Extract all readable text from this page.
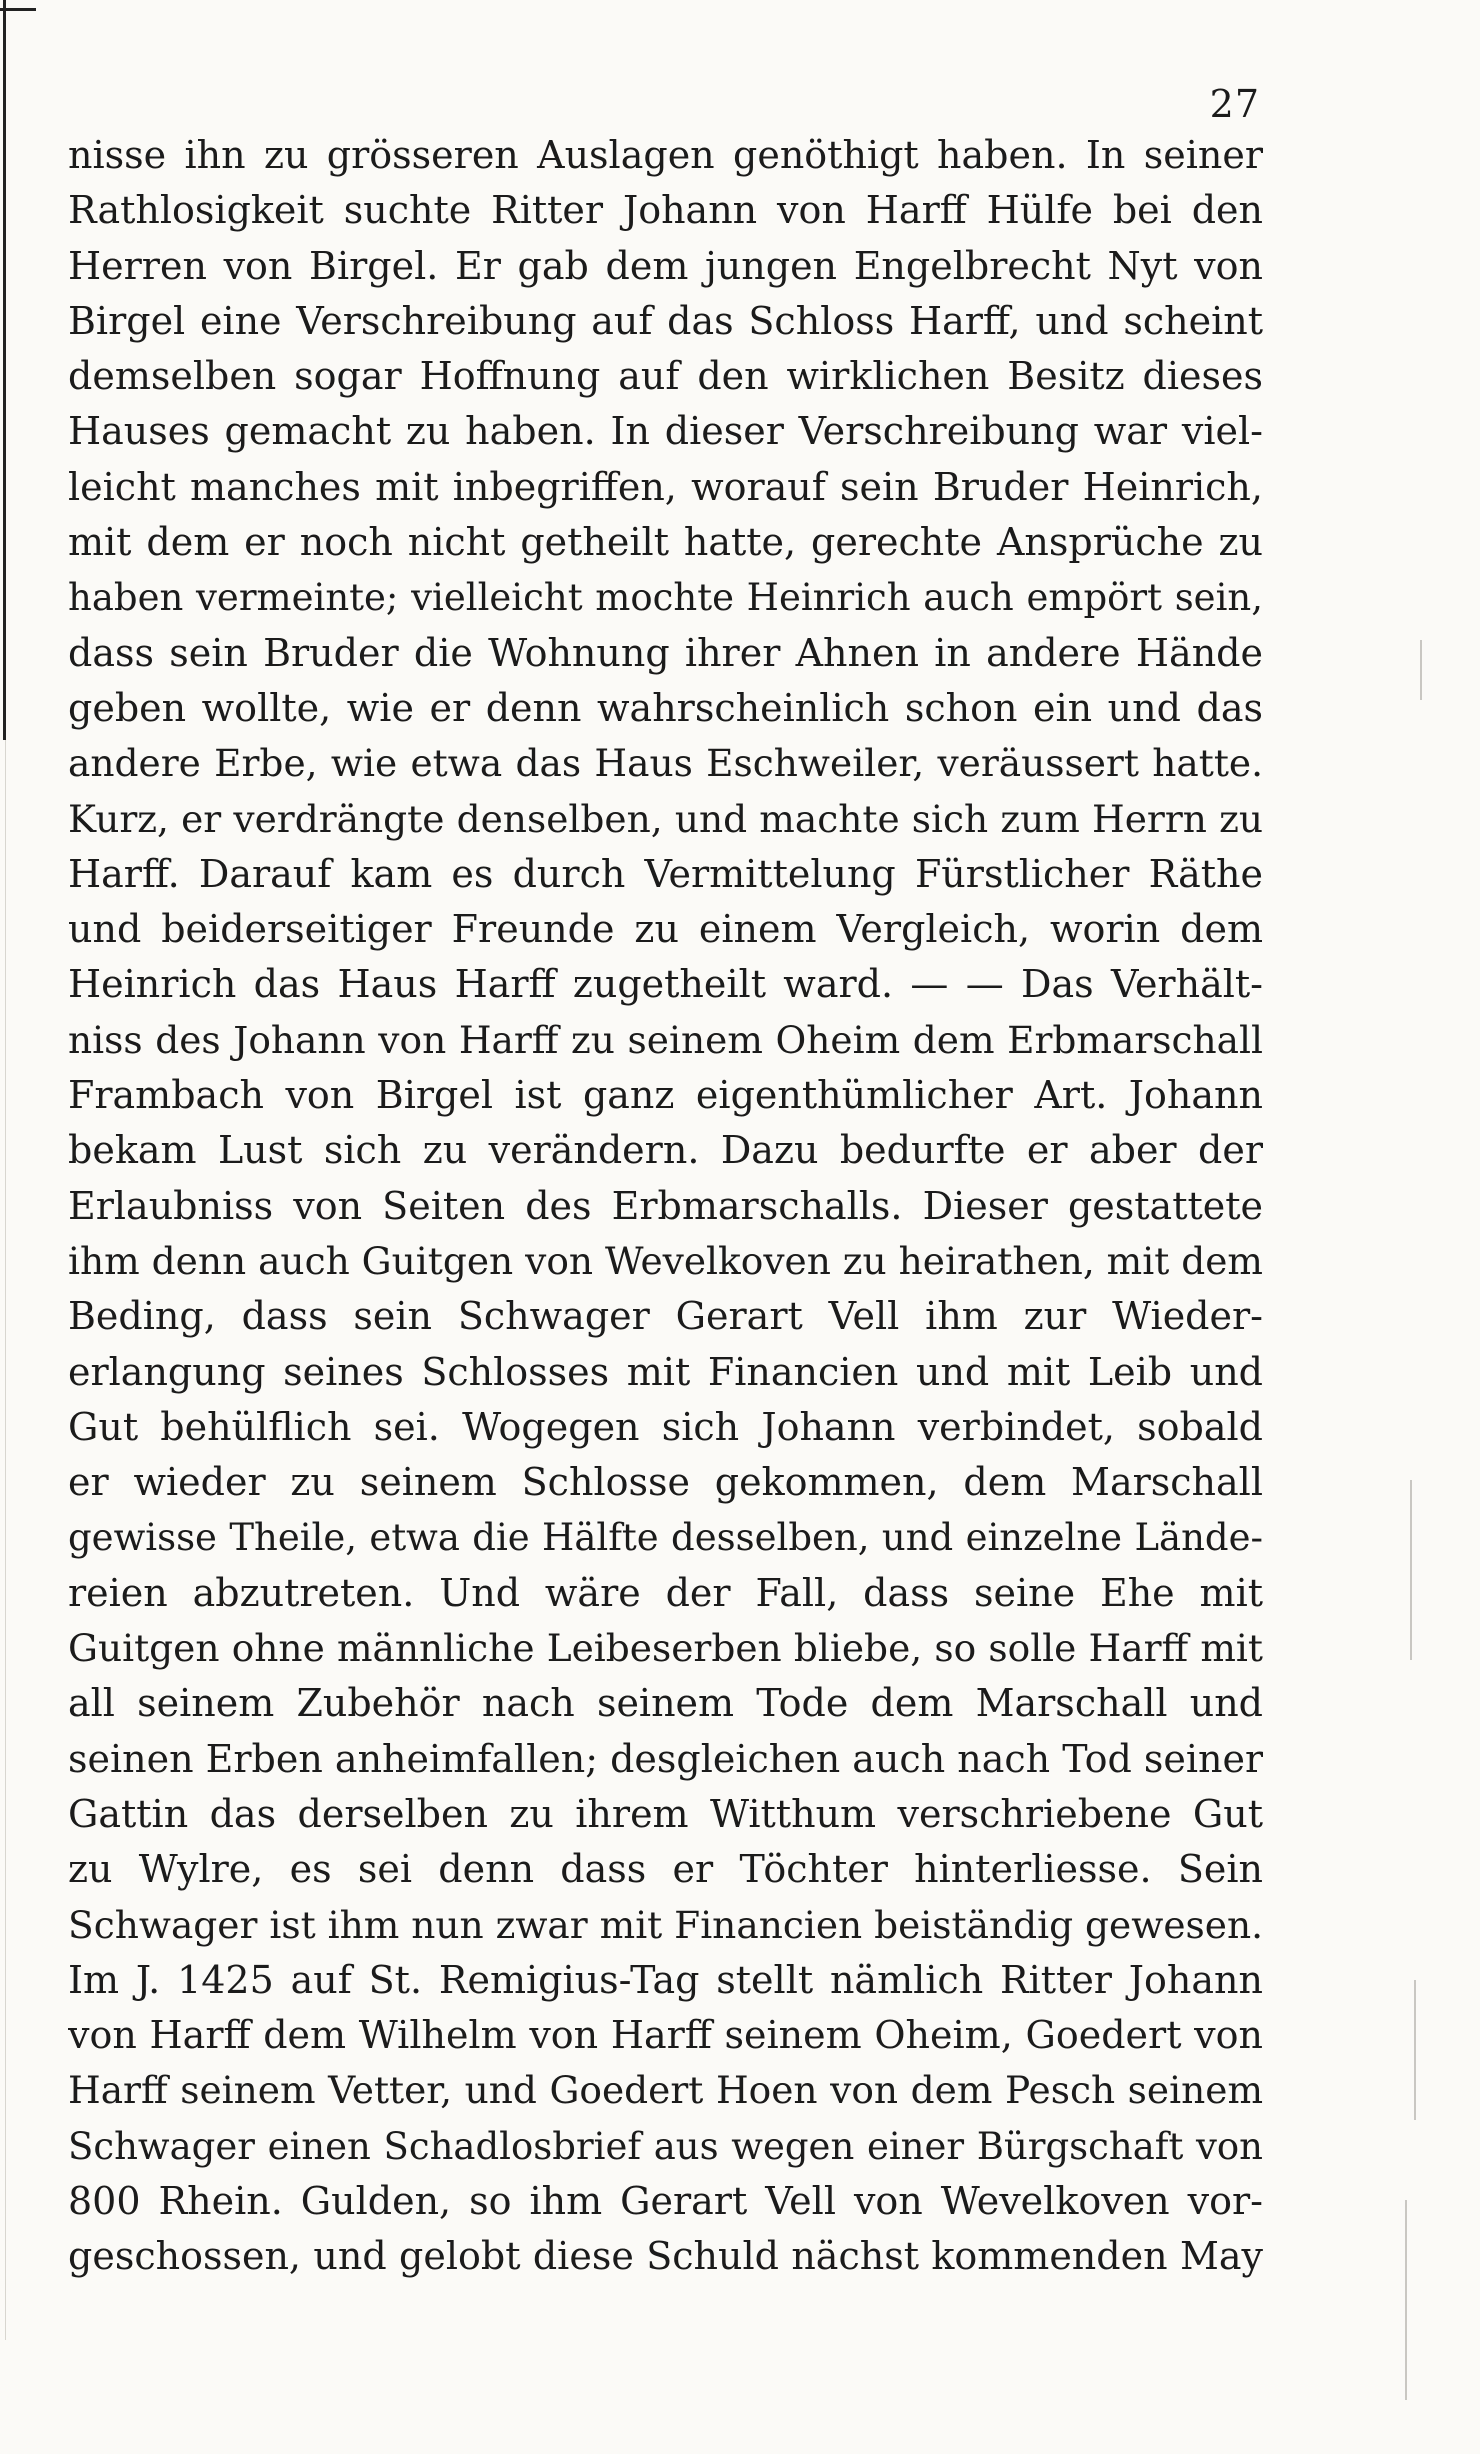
27
nisse ihn zu grösseren Auslagen genöthigt haben. In seiner
Rathlosigkeit suchte Ritter Johann von Harff Hülfe bei den
Herren von Birgel. Er gab dem jungen Engelbrecht Nyt von
Birgel eine Verschreibung auf das Schloss Harff, und scheint
demselben sogar Hoffnung auf den wirklichen Besitz dieses
Hauses gemacht zu haben. In dieser Verschreibung war viel-
leicht manches mit inbegriffen, worauf sein Bruder Heinrich,
mit dem er noch nicht getheilt hatte, gerechte Ansprüche zu
haben vermeinte; vielleicht mochte Heinrich auch empört sein,
dass sein Bruder die Wohnung ihrer Ahnen in andere Hände
geben wollte, wie er denn wahrscheinlich schon ein und das
andere Erbe, wie etwa das Haus Eschweiler, veräussert hatte.
Kurz, er verdrängte denselben, und machte sich zum Herrn zu
Harff. Darauf kam es durch Vermittelung Fürstlicher Räthe
und beiderseitiger Freunde zu einem Vergleich, worin dem
Heinrich das Haus Harff zugetheilt ward. — — Das Verhält-
niss des Johann von Harff zu seinem Oheim dem Erbmarschall
Frambach von Birgel ist ganz eigenthümlicher Art. Johann
bekam Lust sich zu verändern. Dazu bedurfte er aber der
Erlaubniss von Seiten des Erbmarschalls. Dieser gestattete
ihm denn auch Guitgen von Wevelkoven zu heirathen, mit dem
Beding, dass sein Schwager Gerart Vell ihm zur Wieder-
erlangung seines Schlosses mit Financien und mit Leib und
Gut behülflich sei. Wogegen sich Johann verbindet, sobald
er wieder zu seinem Schlosse gekommen, dem Marschall
gewisse Theile, etwa die Hälfte desselben, und einzelne Lände-
reien abzutreten. Und wäre der Fall, dass seine Ehe mit
Guitgen ohne männliche Leibeserben bliebe, so solle Harff mit
all seinem Zubehör nach seinem Tode dem Marschall und
seinen Erben anheimfallen; desgleichen auch nach Tod seiner
Gattin das derselben zu ihrem Witthum verschriebene Gut
zu Wylre, es sei denn dass er Töchter hinterliesse. Sein
Schwager ist ihm nun zwar mit Financien beiständig gewesen.
Im J. 1425 auf St. Remigius-Tag stellt nämlich Ritter Johann
von Harff dem Wilhelm von Harff seinem Oheim, Goedert von
Harff seinem Vetter, und Goedert Hoen von dem Pesch seinem
Schwager einen Schadlosbrief aus wegen einer Bürgschaft von
800 Rhein. Gulden, so ihm Gerart Vell von Wevelkoven vor-
geschossen, und gelobt diese Schuld nächst kommenden May
